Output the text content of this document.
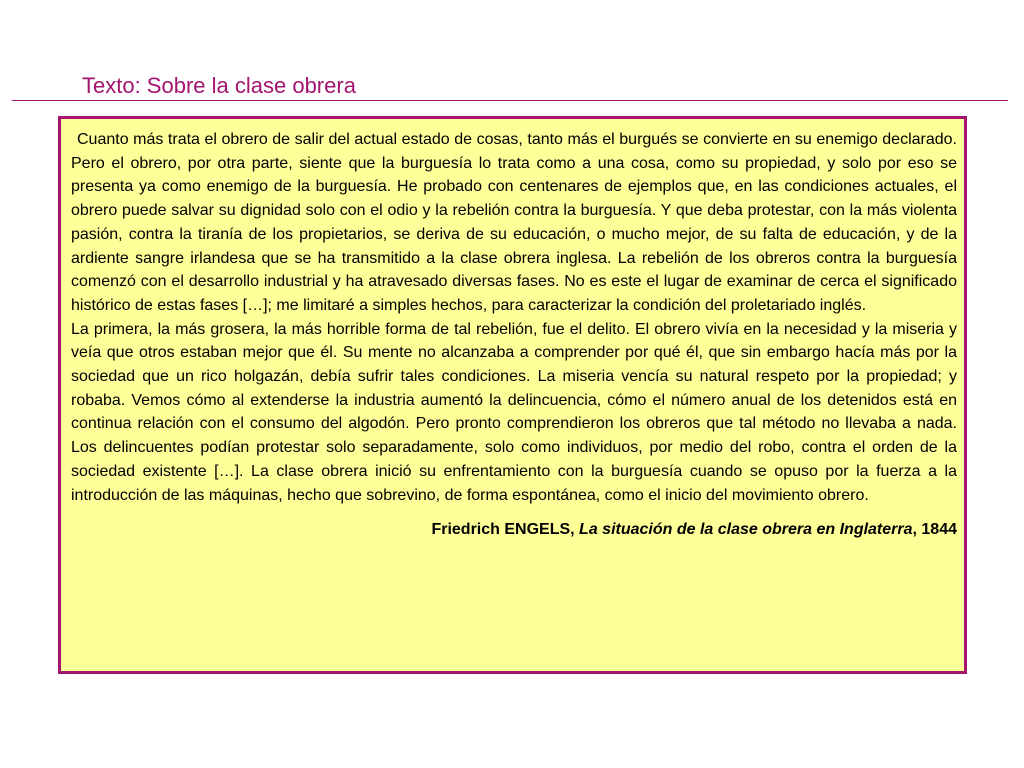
Texto: Sobre la clase obrera

Cuanto más trata el obrero de salir del actual estado de cosas, tanto más el burgués se convierte en su enemigo declarado. Pero el obrero, por otra parte, siente que la burguesía lo trata como a una cosa, como su propiedad, y solo por eso se presenta ya como enemigo de la burguesía. He probado con centenares de ejemplos que, en las condiciones actuales, el obrero puede salvar su dignidad solo con el odio y la rebelión contra la burguesía. Y que deba protestar, con la más violenta pasión, contra la tiranía de los propietarios, se deriva de su educación, o mucho mejor, de su falta de educación, y de la ardiente sangre irlandesa que se ha transmitido a la clase obrera inglesa. La rebelión de los obreros contra la burguesía comenzó con el desarrollo industrial y ha atravesado diversas fases. No es este el lugar de examinar de cerca el significado histórico de estas fases […]; me limitaré a simples hechos, para caracterizar la condición del proletariado inglés.

La primera, la más grosera, la más horrible forma de tal rebelión, fue el delito. El obrero vivía en la necesidad y la miseria y veía que otros estaban mejor que él. Su mente no alcanzaba a comprender por qué él, que sin embargo hacía más por la sociedad que un rico holgazán, debía sufrir tales condiciones. La miseria vencía su natural respeto por la propiedad; y robaba. Vemos cómo al extenderse la industria aumentó la delincuencia, cómo el número anual de los detenidos está en continua relación con el consumo del algodón. Pero pronto comprendieron los obreros que tal método no llevaba a nada. Los delincuentes podían protestar solo separadamente, solo como individuos, por medio del robo, contra el orden de la sociedad existente […]. La clase obrera inició su enfrentamiento con la burguesía cuando se opuso por la fuerza a la introducción de las máquinas, hecho que sobrevino, de forma espontánea, como el inicio del movimiento obrero.

Friedrich ENGELS, La situación de la clase obrera en Inglaterra, 1844
